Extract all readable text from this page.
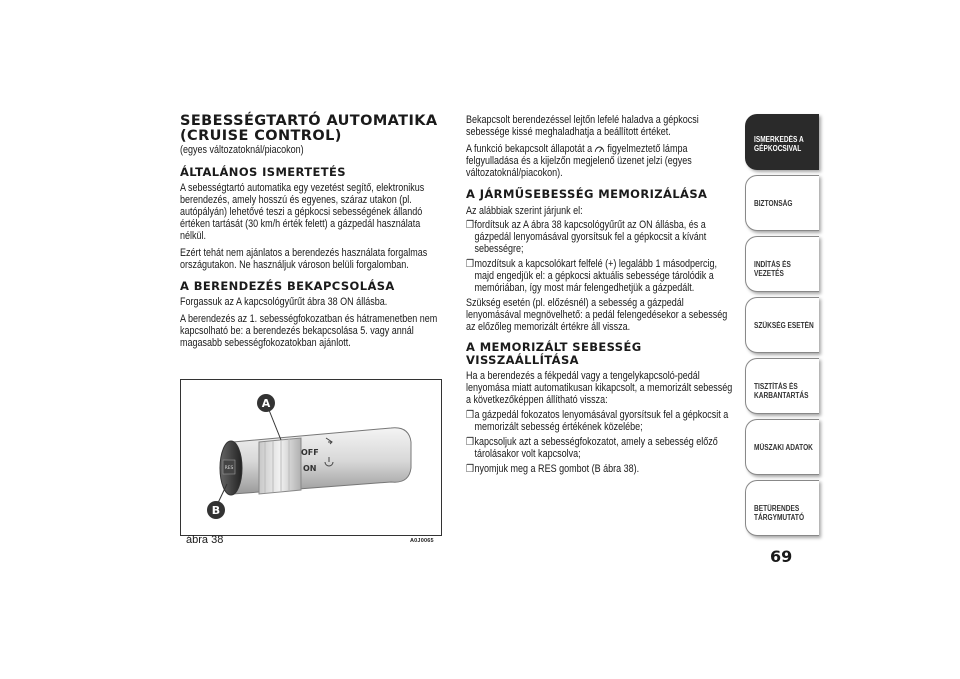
SEBESSÉGTARTÓ AUTOMATIKA
(CRUISE CONTROL)

(egyes változatoknál/piacokon)

ÁLTALÁNOS ISMERTETÉS

A sebességtartó automatika egy vezetést segítő, elektronikus berendezés, amely hosszú és egyenes, száraz utakon (pl. autópályán) lehetővé teszi a gépkocsi sebességének állandó értéken tartását (30 km/h érték felett) a gázpedál használata nélkül.

Ezért tehát nem ajánlatos a berendezés használata forgalmas országutakon. Ne használjuk városon belüli forgalomban.

A BERENDEZÉS BEKAPCSOLÁSA

Forgassuk az A kapcsológyűrűt ábra 38 ON állásba.

A berendezés az 1. sebességfokozatban és hátramenetben nem kapcsolható be: a berendezés bekapcsolása 5. vagy annál magasabb sebességfokozatokban ajánlott.

RES
OFF
ON
A
B
ábra 38	A0J0065

Bekapcsolt berendezéssel lejtőn lefelé haladva a gépkocsi sebessége kissé meghaladhatja a beállított értéket.

A funkció bekapcsolt állapotát a figyelmeztető lámpa felgyulladása és a kijelzőn megjelenő üzenet jelzi (egyes változatoknál/piacokon).

A JÁRMŰSEBESSÉG MEMORIZÁLÁSA

Az alábbiak szerint járjunk el:

❒ fordítsuk az A ábra 38 kapcsológyűrűt az ON állásba, és a gázpedál lenyomásával gyorsítsuk fel a gépkocsit a kívánt sebességre;
❒ mozdítsuk a kapcsolókart felfelé (+) legalább 1 másodpercig, majd engedjük el: a gépkocsi aktuális sebessége tárolódik a memóriában, így most már felengedhetjük a gázpedált.

Szükség esetén (pl. előzésnél) a sebesség a gázpedál lenyomásával megnövelhető: a pedál felengedésekor a sebesség az előzőleg memorizált értékre áll vissza.

A MEMORIZÁLT SEBESSÉG
VISSZAÁLLÍTÁSA

Ha a berendezés a fékpedál vagy a tengelykapcsoló-pedál lenyomása miatt automatikusan kikapcsolt, a memorizált sebesség a következőképpen állítható vissza:

❒ a gázpedál fokozatos lenyomásával gyorsítsuk fel a gépkocsit a memorizált sebesség értékének közelébe;
❒ kapcsoljuk azt a sebességfokozatot, amely a sebesség előző tárolásakor volt kapcsolva;
❒ nyomjuk meg a RES gombot (B ábra 38).
ISMERKEDÉS A GÉPKOCSIVAL
BIZTONSÁG
INDÍTÁS ÉS VEZETÉS
SZÜKSÉG ESETÉN
TISZTÍTÁS ÉS KARBANTARTÁS
MŰSZAKI ADATOK
BETŰRENDES TÁRGYMUTATÓ
69
